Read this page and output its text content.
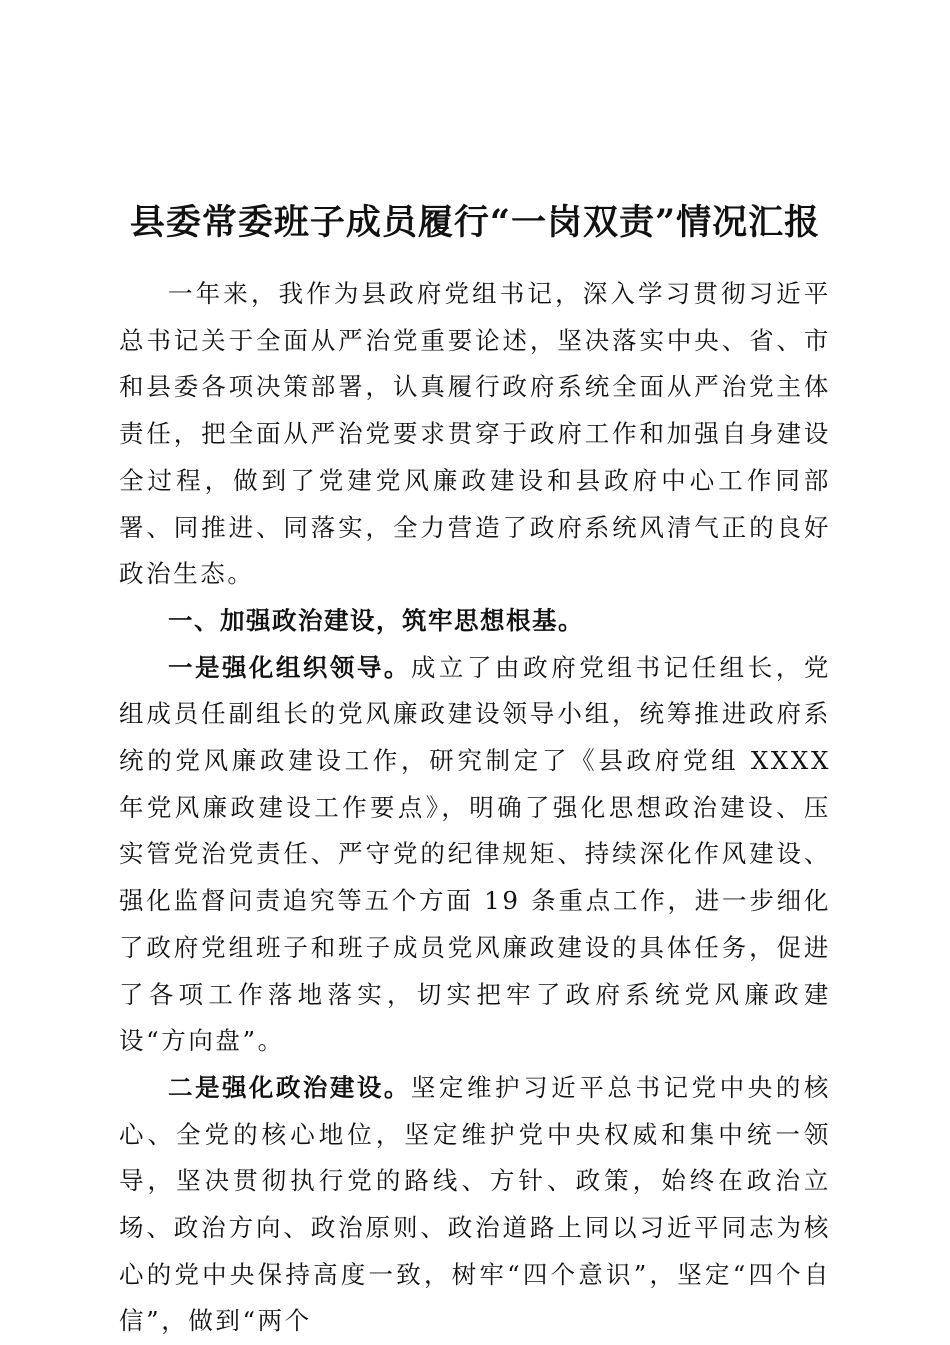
县委常委班子成员履行“一岗双责”情况汇报

一年来，我作为县政府党组书记，深入学习贯彻习近平总书记关于全面从严治党重要论述，坚决落实中央、省、市和县委各项决策部署，认真履行政府系统全面从严治党主体责任，把全面从严治党要求贯穿于政府工作和加强自身建设全过程，做到了党建党风廉政建设和县政府中心工作同部署、同推进、同落实，全力营造了政府系统风清气正的良好政治生态。

一、加强政治建设，筑牢思想根基。

一是强化组织领导。成立了由政府党组书记任组长，党组成员任副组长的党风廉政建设领导小组，统筹推进政府系统的党风廉政建设工作，研究制定了《县政府党组 XXXX 年党风廉政建设工作要点》，明确了强化思想政治建设、压实管党治党责任、严守党的纪律规矩、持续深化作风建设、强化监督问责追究等五个方面 19 条重点工作，进一步细化了政府党组班子和班子成员党风廉政建设的具体任务，促进了各项工作落地落实，切实把牢了政府系统党风廉政建设“方向盘”。

二是强化政治建设。坚定维护习近平总书记党中央的核心、全党的核心地位，坚定维护党中央权威和集中统一领导，坚决贯彻执行党的路线、方针、政策，始终在政治立场、政治方向、政治原则、政治道路上同以习近平同志为核心的党中央保持高度一致，树牢“四个意识”，坚定“四个自信”，做到“两个
